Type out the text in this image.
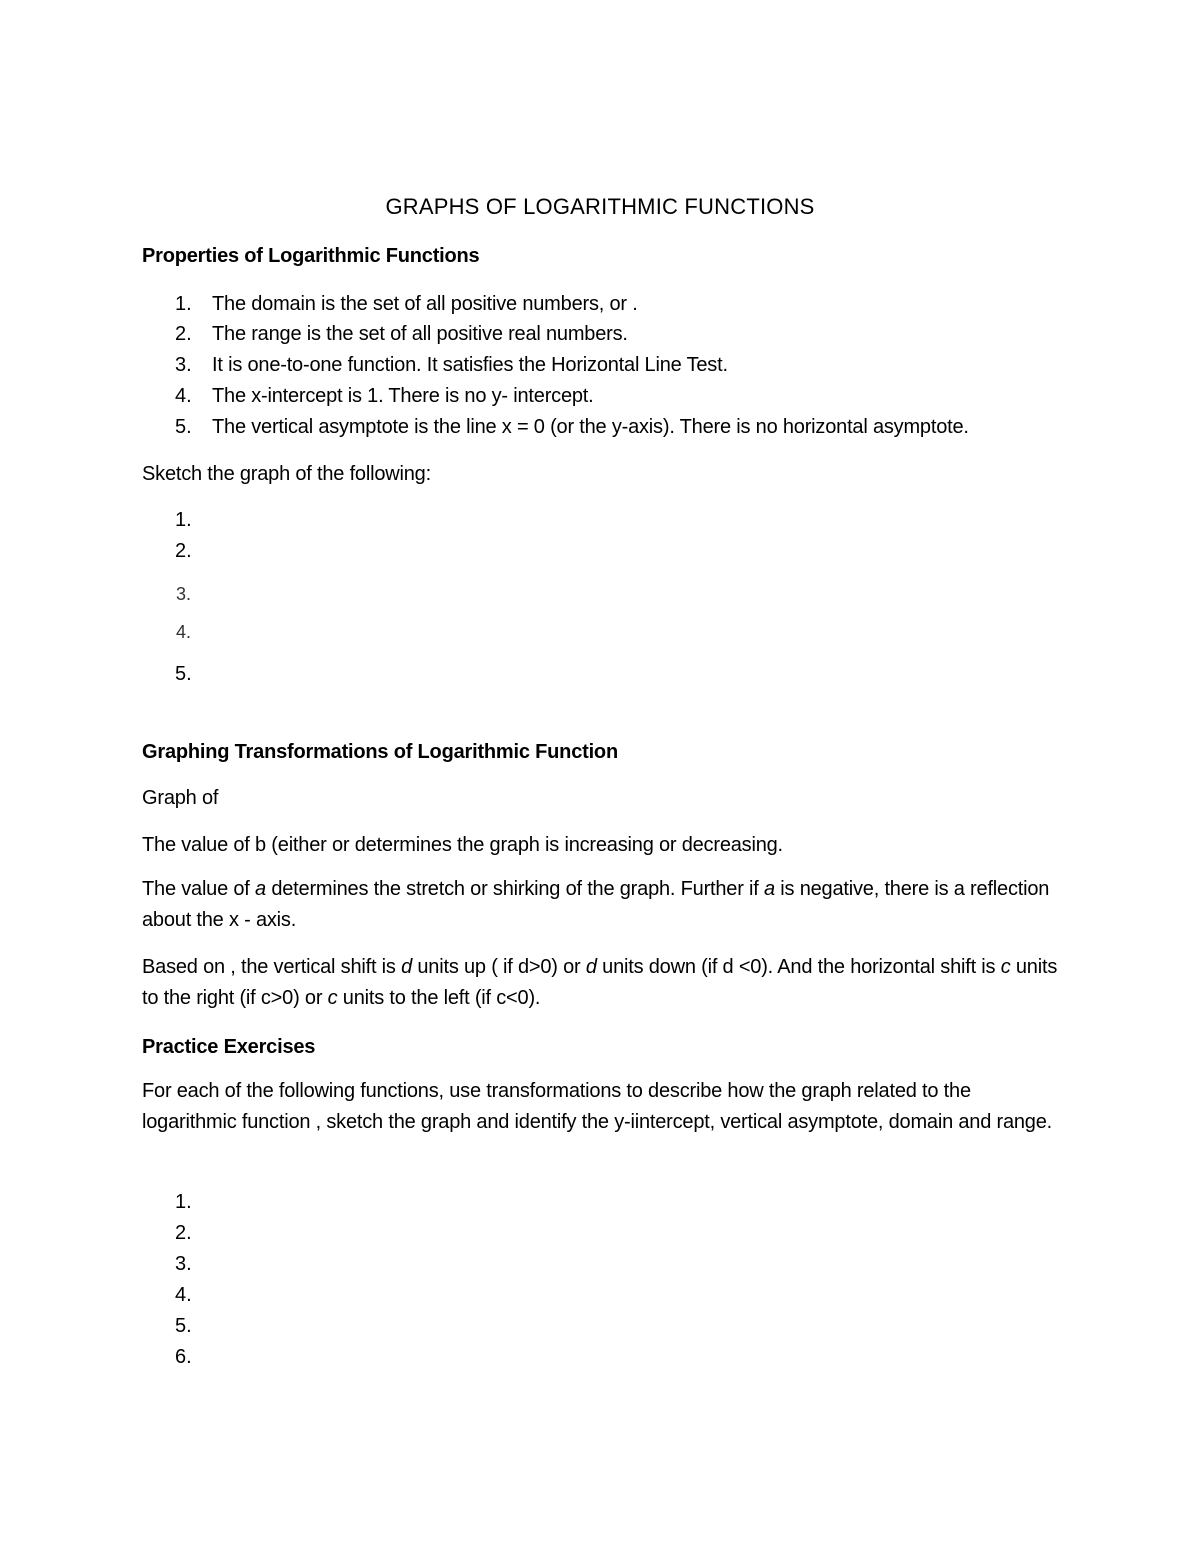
GRAPHS OF LOGARITHMIC FUNCTIONS
Properties of Logarithmic Functions
1. The domain is the set of all positive numbers, or .
2. The range is the set of all positive real numbers.
3. It is one-to-one function. It satisfies the Horizontal Line Test.
4. The x-intercept is 1. There is no y- intercept.
5. The vertical asymptote is the line x = 0 (or the y-axis). There is no horizontal asymptote.
Sketch the graph of the following:
1.
2.
3.
4.
5.
Graphing Transformations of Logarithmic Function
Graph of
The value of b (either or determines the graph is increasing or decreasing.
The value of a determines the stretch or shirking of the graph. Further if a is negative, there is a reflection about the x - axis.
Based on , the vertical shift is d units up ( if d>0) or d units down (if d <0). And the horizontal shift is c units to the right (if c>0) or c units to the left (if c<0).
Practice Exercises
For each of the following functions, use transformations to describe how the graph related to the logarithmic function , sketch the graph and identify the y-iintercept, vertical asymptote, domain and range.
1.
2.
3.
4.
5.
6.
